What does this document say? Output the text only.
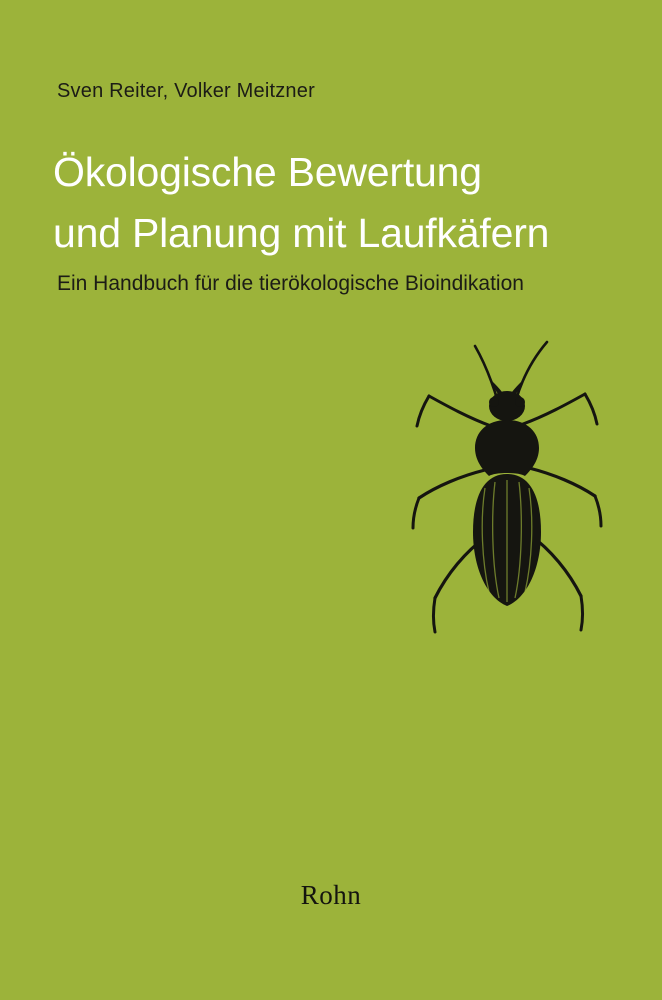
Sven Reiter, Volker Meitzner
Ökologische Bewertung
und Planung mit Laufkäfern
Ein Handbuch für die tierökologische Bioindikation
Rohn
